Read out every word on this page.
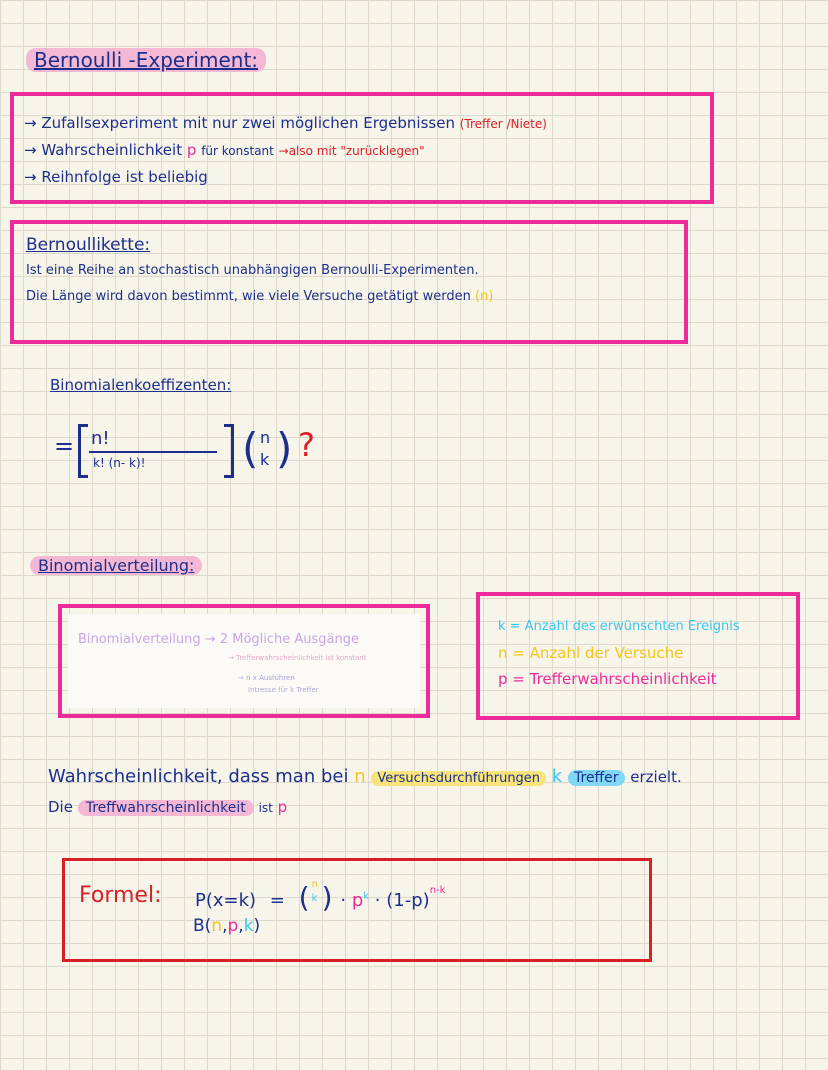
Bernoulli -Experiment:
→ Zufallsexperiment mit nur zwei möglichen Ergebnissen (Treffer /Niete)
→ Wahrscheinlichkeit p für konstant →also mit "zurücklegen"
→ Reihnfolge ist beliebig
Bernoullikette:
Ist eine Reihe an stochastisch unabhängigen Bernoulli-Experimenten.
Die Länge wird davon bestimmt, wie viele Versuche getätigt werden (n)
Binomialenkoeffizenten:
= n!
k! (n- k)! ( n
k ) ?
Binomialverteilung:
Binomialverteilung → 2 Mögliche Ausgänge
→ Trefferwahrscheinlichkeit ist konstant
→ n x Ausführen
Intresse für k Treffer
k = Anzahl des erwünschten Ereignis
n = Anzahl der Versuche
p = Trefferwahrscheinlichkeit
Wahrscheinlichkeit, dass man bei n Versuchsdurchführungen k Treffer erzielt.
Die Treffwahrscheinlichkeit ist p
Formel: P(x=k) = ( n
k ) · $p^k \cdot (1-p)^{n-k}$
B(n,p,k)
